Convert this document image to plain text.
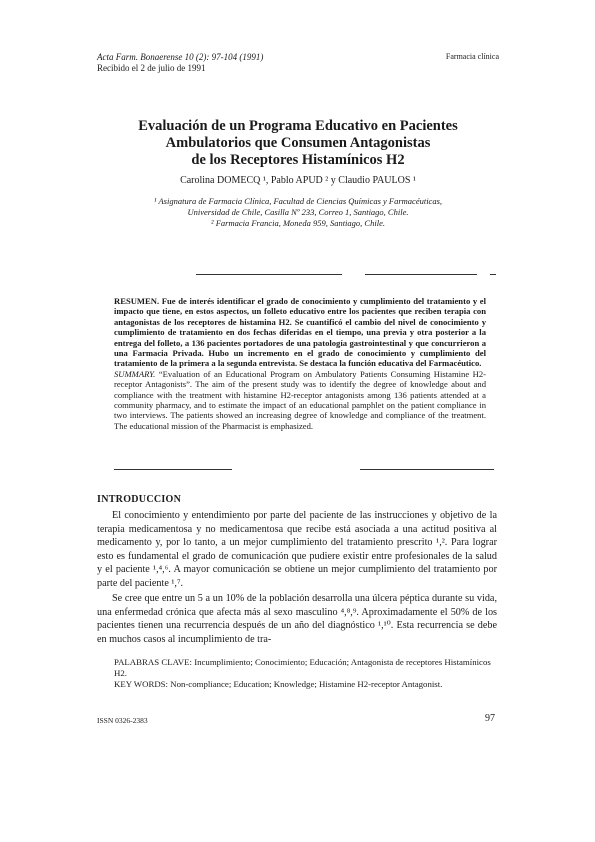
Acta Farm. Bonaerense 10 (2): 97-104 (1991)
Recibido el 2 de julio de 1991
Farmacia clínica
Evaluación de un Programa Educativo en Pacientes
Ambulatorios que Consumen Antagonistas
de los Receptores Histamínicos H2
Carolina DOMECQ ¹, Pablo APUD ² y Claudio PAULOS ¹
¹ Asignatura de Farmacia Clínica, Facultad de Ciencias Químicas y Farmacéuticas,
Universidad de Chile, Casilla Nº 233, Correo 1, Santiago, Chile.
² Farmacia Francia, Moneda 959, Santiago, Chile.

RESUMEN. Fue de interés identificar el grado de conocimiento y cumplimiento del tratamiento y el impacto que tiene, en estos aspectos, un folleto educativo entre los pacientes que reciben terapia con antagonistas de los receptores de histamina H2. Se cuantificó el cambio del nivel de conocimiento y cumplimiento de tratamiento en dos fechas diferidas en el tiempo, una previa y otra posterior a la entrega del folleto, a 136 pacientes portadores de una patología gastrointestinal y que concurrieron a una Farmacia Privada. Hubo un incremento en el grado de conocimiento y cumplimiento del tratamiento de la primera a la segunda entrevista. Se destaca la función educativa del Farmacéutico.

SUMMARY. “Evaluation of an Educational Program on Ambulatory Patients Consuming Histamine H2-receptor Antagonists”. The aim of the present study was to identify the degree of knowledge about and compliance with the treatment with histamine H2-receptor antagonists among 136 patients attended at a community pharmacy, and to estimate the impact of an educational pamphlet on the patient compliance in two interviews. The patients showed an increasing degree of knowledge and compliance of the treatment. The educational mission of the Pharmacist is emphasized.

INTRODUCCION

El conocimiento y entendimiento por parte del paciente de las instrucciones y objetivo de la terapia medicamentosa y no medicamentosa que recibe está asociada a una actitud positiva al medicamento y, por lo tanto, a un mejor cumplimiento del tratamiento prescrito ¹,². Para lograr esto es fundamental el grado de comunicación que pudiere existir entre profesionales de la salud y el paciente ¹,⁴,⁶. A mayor comunicación se obtiene un mejor cumplimiento del tratamiento por parte del paciente ¹,⁷.

Se cree que entre un 5 a un 10% de la población desarrolla una úlcera péptica durante su vida, una enfermedad crónica que afecta más al sexo masculino ⁴,⁸,⁹. Aproximadamente el 50% de los pacientes tienen una recurrencia después de un año del diagnóstico ¹,¹⁰. Esta recurrencia se debe en muchos casos al incumplimiento de tra-

PALABRAS CLAVE: Incumplimiento; Conocimiento; Educación; Antagonista de receptores Histamínicos H2.

KEY WORDS: Non-compliance; Education; Knowledge; Histamine H2-receptor Antagonist.

ISSN 0326-2383	97
